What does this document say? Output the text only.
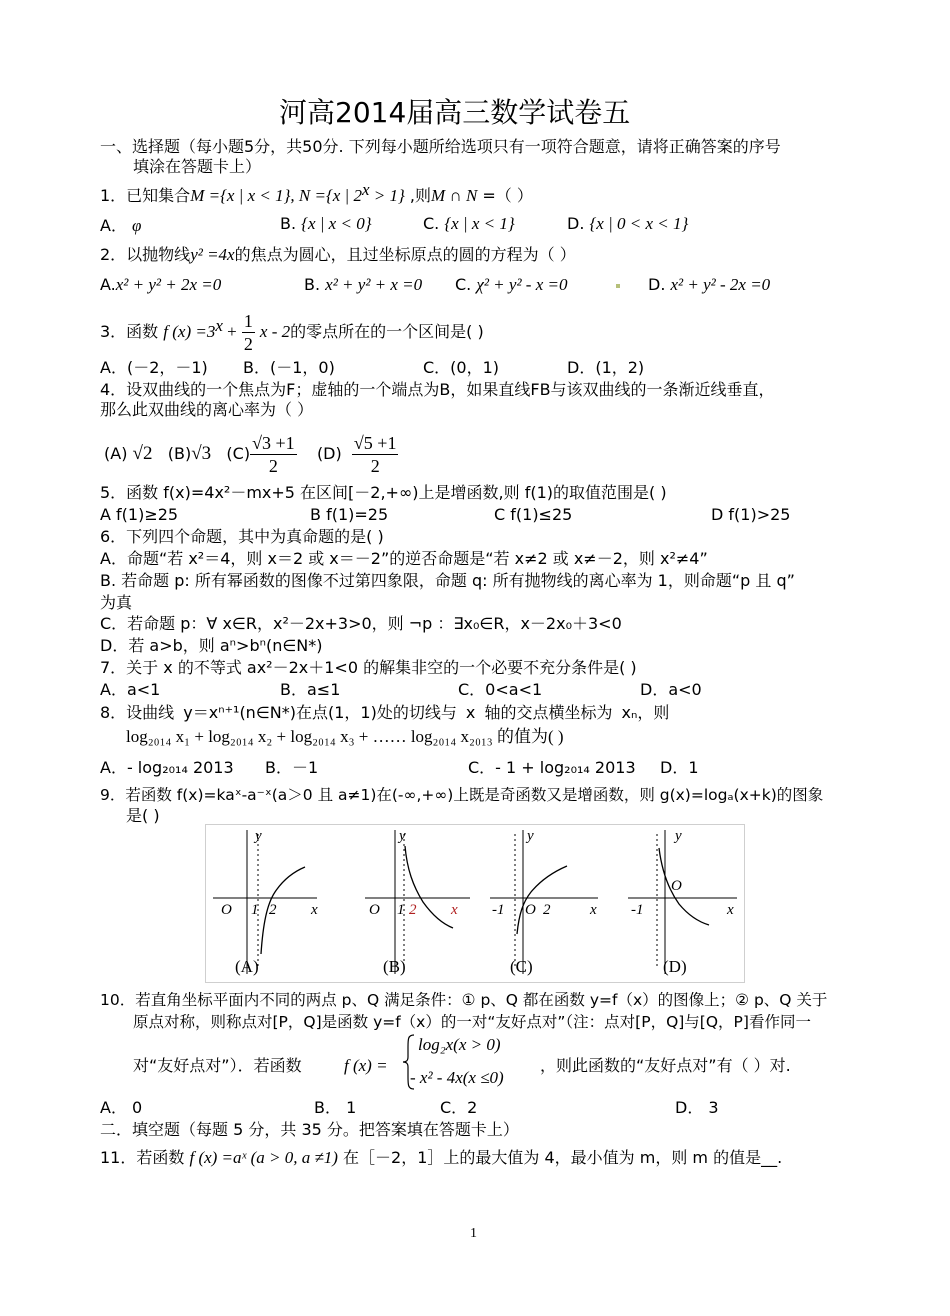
河高2014届高三数学试卷五
一、选择题（每小题5分，共50分. 下列每小题所给选项只有一项符合题意，请将正确答案的序号
填涂在答题卡上）
1．已知集合M ={x | x < 1}, N ={x | $2^x > 1$} ,则M ∩ N =（ ）
A． φ	B. {x | x < 0}	C. {x | x < 1}	D. {x | 0 < x < 1}
2．以抛物线y² =4x的焦点为圆心，且过坐标原点的圆的方程为（ ）
A.x² + y² + 2x =0	B. x² + y² + x =0 C. χ² + y² - x =0	D. x² + y² - 2x =0
3．函数 f $(x) =3^x + \frac{1}{2}$ x - 2的零点所在的一个区间是( )
A．(－2，－1) B．(－1，0)	C．(0，1)	D．(1，2)
4．设双曲线的一个焦点为F；虚轴的一个端点为B，如果直线FB与该双曲线的一条渐近线垂直，
那么此双曲线的离心率为（ ）
(A) √2 (B)√3 $(C) \frac{√3 +1}{2} (D) \frac{√5 +1}{2}$
5．函数 f(x)=4x²－mx+5 在区间[－2,+∞)上是增函数,则 f(1)的取值范围是( )
A f(1)≥25	B f(1)=25	C f(1)≤25	D f(1)>25
6．下列四个命题，其中为真命题的是( )
A．命题“若 x²＝4，则 x＝2 或 x＝－2”的逆否命题是“若 x≠2 或 x≠－2，则 x²≠4”
B. 若命题 p: 所有幂函数的图像不过第四象限，命题 q: 所有抛物线的离心率为 1，则命题“p 且 q”
为真
C．若命题 p：∀ x∈R，x²－2x+3>0，则 ¬p ：∃x₀∈R，x－2x₀＋3<0
D．若 a>b，则 aⁿ>bⁿ(n∈N*)
7．关于 x 的不等式 ax²－2x＋1<0 的解集非空的一个必要不充分条件是( )
A．a<1	B．a≤1	C．0<a<1	D．a<0
8．设曲线 y＝xⁿ⁺¹(n∈N*)在点(1，1)处的切线与 x 轴的交点横坐标为 xₙ，则
log₂₀₁₄ x₁ + log₂₀₁₄ x₂ + log₂₀₁₄ x₃ + …… log₂₀₁₄ x₂₀₁₃ 的值为( )
A．- log₂₀₁₄ 2013 B．－1	C．- 1 + log₂₀₁₄ 2013 D．1
9．若函数 f(x)=kaˣ-a⁻ˣ(a＞0 且 a≠1)在(-∞,+∞)上既是奇函数又是增函数，则 g(x)=logₐ(x+k)的图象
是( )
O 1 2 x
y
(A)
O 1 2 x
y
(B)
-1 O 2	x
y
(C)
-1
O
x
y
(D)
10．若直角坐标平面内不同的两点 p、Q 满足条件：① p、Q 都在函数 y=f（x）的图像上；② p、Q 关于
原点对称，则称点对[P，Q]是函数 y=f（x）的一对“友好点对”（注：点对[P，Q]与[Q，P]看作同一
对“友好点对”）．若函数 f (x) =
log₂x(x > 0)
- x² - 4x(x ≤0)
，则此函数的“友好点对”有（ ）对.
A． 0	B． 1	C．2	D． 3
二．填空题（每题 5 分，共 35 分。把答案填在答题卡上）
11．若函数 f (x) =aˣ (a > 0, a ≠1) 在［－2，1］上的最大值为 4，最小值为 m，则 m 的值是__.
1
